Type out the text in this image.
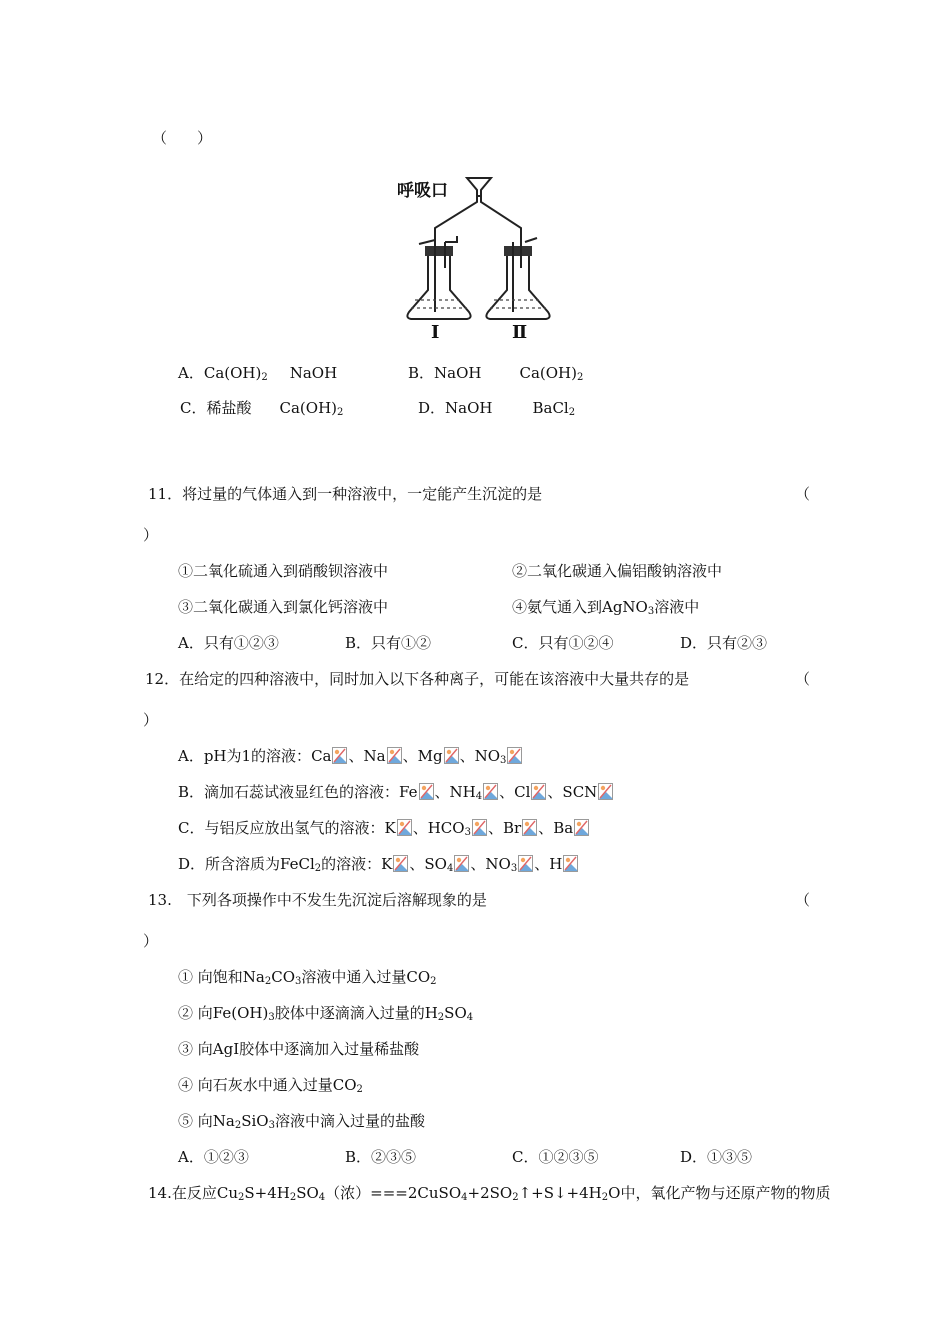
（　　）
呼吸口
Ⅰ	Ⅱ
A．$Ca(OH)_2$ NaOH	B．NaOH	$Ca(OH)_2$
C．稀盐酸 $Ca(OH)_2$	D．NaOH	BaCl$_2$
11．将过量的气体通入到一种溶液中，一定能产生沉淀的是	（
）
①二氧化硫通入到硝酸钡溶液中	②二氧化碳通入偏铝酸钠溶液中
③二氧化碳通入到氯化钙溶液中	④氨气通入到AgNO$_3$溶液中
A．只有①②③	B．只有①②	C．只有①②④	D．只有②③
12．在给定的四种溶液中，同时加入以下各种离子，可能在该溶液中大量共存的是	（
）
A．pH为1的溶液：Ca 、Na 、Mg 、$NO_3$
B．滴加石蕊试液显红色的溶液：Fe 、$NH_4$ 、Cl 、SCN
C．与铝反应放出氢气的溶液：K 、$HCO_3$ 、Br 、Ba
D．所含溶质为FeCl$_2$的溶液：K 、$SO_4$ 、$NO_3$ 、H
13.　下列各项操作中不发生先沉淀后溶解现象的是	（
）
① 向饱和$Na_2CO_3$溶液中通入过量$CO_2$
② 向$Fe(OH)_3$胶体中逐滴滴入过量的$H_2SO_4$
③ 向AgI胶体中逐滴加入过量稀盐酸
④ 向石灰水中通入过量$CO_2$
⑤ 向$Na_2SiO_3$溶液中滴入过量的盐酸
A．①②③	B．②③⑤	C．①②③⑤	D．①③⑤
14.在反应$Cu_2S+4H_2SO_4$（浓）$===2CuSO_4+2SO_2↑+S↓+4H_2O$中，氧化产物与还原产物的物质
